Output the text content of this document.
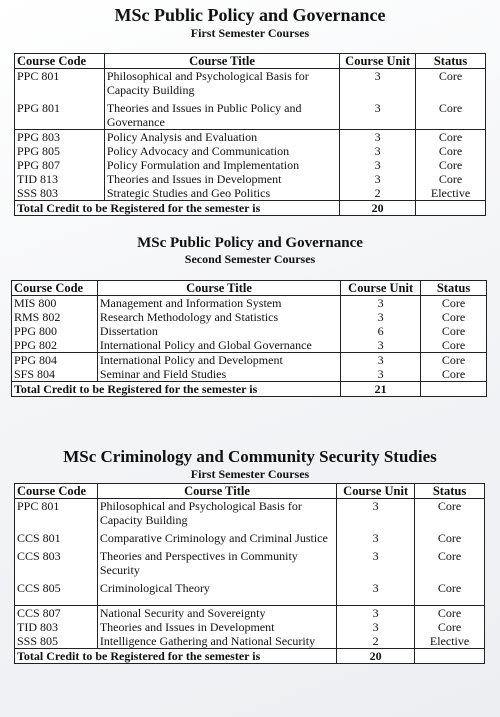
MSc Public Policy and Governance
First Semester Courses
Course Code	Course Title	Course Unit	Status
PPC 801	Philosophical and Psychological Basis for Capacity Building	3	Core

PPG 801	Theories and Issues in Public Policy and Governance	3	Core
PPG 803	Policy Analysis and Evaluation	3	Core
PPG 805	Policy Advocacy and Communication	3	Core
PPG 807	Policy Formulation and Implementation	3	Core
TID 813	Theories and Issues in Development	3	Core
SSS 803	Strategic Studies and Geo Politics	2	Elective
Total Credit to be Registered for the semester is		20	
MSc Public Policy and Governance
Second Semester Courses
Course Code	Course Title	Course Unit	Status
MIS 800	Management and Information System	3	Core
RMS 802	Research Methodology and Statistics	3	Core
PPG 800	Dissertation	6	Core
PPG 802	International Policy and Global Governance	3	Core
PPG 804	International Policy and Development	3	Core
SFS 804	Seminar and Field Studies	3	Core
Total Credit to be Registered for the semester is		21	
MSc Criminology and Community Security Studies
First Semester Courses
Course Code	Course Title	Course Unit	Status
PPC 801	Philosophical and Psychological Basis for Capacity Building	3	Core

CCS 801	Comparative Criminology and Criminal Justice	3	Core

CCS 803	Theories and Perspectives in Community Security	3	Core

CCS 805	Criminological Theory	3	Core

CCS 807	National Security and Sovereignty	3	Core
TID 803	Theories and Issues in Development	3	Core
SSS 805	Intelligence Gathering and National Security	2	Elective
Total Credit to be Registered for the semester is		20	
